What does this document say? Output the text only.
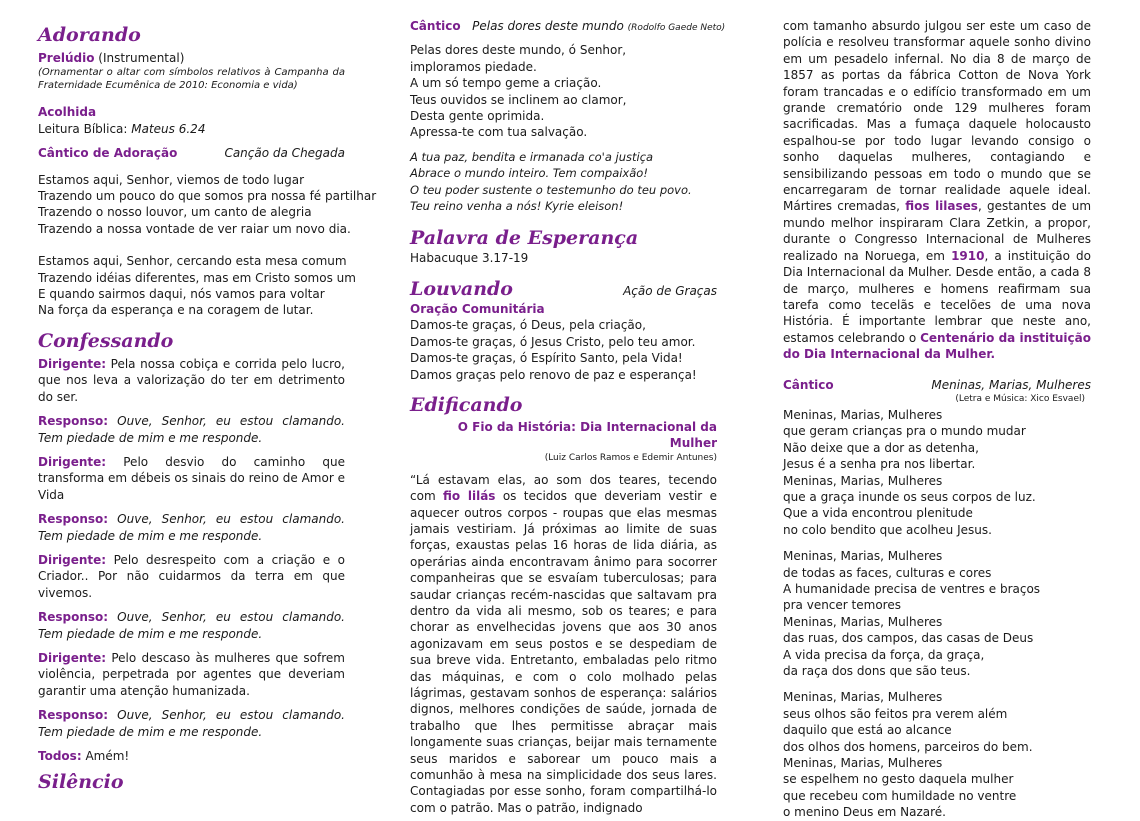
Adorando

Prelúdio (Instrumental)

(Ornamentar o altar com símbolos relativos à Campanha da Fraternidade Ecumênica de 2010: Economia e vida)

Acolhida

Leitura Bíblica: Mateus 6.24

Cântico de Adoração	Canção da Chegada

Estamos aqui, Senhor, viemos de todo lugar

Trazendo um pouco do que somos pra nossa fé partilhar

Trazendo o nosso louvor, um canto de alegria

Trazendo a nossa vontade de ver raiar um novo dia.

Estamos aqui, Senhor, cercando esta mesa comum

Trazendo idéias diferentes, mas em Cristo somos um

E quando sairmos daqui, nós vamos para voltar

Na força da esperança e na coragem de lutar.

Confessando

Dirigente: Pela nossa cobiça e corrida pelo lucro, que nos leva a valorização do ter em detrimento do ser.

Responso: Ouve, Senhor, eu estou clamando. Tem piedade de mim e me responde.

Dirigente: Pelo desvio do caminho que transforma em débeis os sinais do reino de Amor e Vida

Responso: Ouve, Senhor, eu estou clamando. Tem piedade de mim e me responde.

Dirigente: Pelo desrespeito com a criação e o Criador.. Por não cuidarmos da terra em que vivemos.

Responso: Ouve, Senhor, eu estou clamando. Tem piedade de mim e me responde.

Dirigente: Pelo descaso às mulheres que sofrem violência, perpetrada por agentes que deveriam garantir uma atenção humanizada.

Responso: Ouve, Senhor, eu estou clamando. Tem piedade de mim e me responde.

Todos: Amém!

Silêncio

Cântico Pelas dores deste mundo (Rodolfo Gaede Neto)

Pelas dores deste mundo, ó Senhor,

imploramos piedade.

A um só tempo geme a criação.

Teus ouvidos se inclinem ao clamor,

Desta gente oprimida.

Apressa-te com tua salvação.

A tua paz, bendita e irmanada co'a justiça

Abrace o mundo inteiro. Tem compaixão!

O teu poder sustente o testemunho do teu povo.

Teu reino venha a nós! Kyrie eleison!

Palavra de Esperança

Habacuque 3.17-19

Louvando	Ação de Graças

Oração Comunitária

Damos-te graças, ó Deus, pela criação,

Damos-te graças, ó Jesus Cristo, pelo teu amor.

Damos-te graças, ó Espírito Santo, pela Vida!

Damos graças pelo renovo de paz e esperança!

Edificando

O Fio da História: Dia Internacional da Mulher

(Luiz Carlos Ramos e Edemir Antunes)

“Lá estavam elas, ao som dos teares, tecendo com fio lilás os tecidos que deveriam vestir e aquecer outros corpos - roupas que elas mesmas jamais vestiriam. Já próximas ao limite de suas forças, exaustas pelas 16 horas de lida diária, as operárias ainda encontravam ânimo para socorrer companheiras que se esvaíam tuberculosas; para saudar crianças recém-nascidas que saltavam pra dentro da vida ali mesmo, sob os teares; e para chorar as envelhecidas jovens que aos 30 anos agonizavam em seus postos e se despediam de sua breve vida. Entretanto, embaladas pelo ritmo das máquinas, e com o colo molhado pelas lágrimas, gestavam sonhos de esperança: salários dignos, melhores condições de saúde, jornada de trabalho que lhes permitisse abraçar mais longamente suas crianças, beijar mais ternamente seus maridos e saborear um pouco mais a comunhão à mesa na simplicidade dos seus lares. Contagiadas por esse sonho, foram compartilhá-lo com o patrão. Mas o patrão, indignado

com tamanho absurdo julgou ser este um caso de polícia e resolveu transformar aquele sonho divino em um pesadelo infernal. No dia 8 de março de 1857 as portas da fábrica Cotton de Nova York foram trancadas e o edifício transformado em um grande crematório onde 129 mulheres foram sacrificadas. Mas a fumaça daquele holocausto espalhou-se por todo lugar levando consigo o sonho daquelas mulheres, contagiando e sensibilizando pessoas em todo o mundo que se encarregaram de tornar realidade aquele ideal. Mártires cremadas, fios lilases, gestantes de um mundo melhor inspiraram Clara Zetkin, a propor, durante o Congresso Internacional de Mulheres realizado na Noruega, em 1910, a instituição do Dia Internacional da Mulher. Desde então, a cada 8 de março, mulheres e homens reafirmam sua tarefa como tecelãs e tecelões de uma nova História. É importante lembrar que neste ano, estamos celebrando o Centenário da instituição do Dia Internacional da Mulher.

Cântico	Meninas, Marias, Mulheres

(Letra e Música: Xico Esvael)

Meninas, Marias, Mulheres

que geram crianças pra o mundo mudar

Não deixe que a dor as detenha,

Jesus é a senha pra nos libertar.

Meninas, Marias, Mulheres

que a graça inunde os seus corpos de luz.

Que a vida encontrou plenitude

no colo bendito que acolheu Jesus.

Meninas, Marias, Mulheres

de todas as faces, culturas e cores

A humanidade precisa de ventres e braços

pra vencer temores

Meninas, Marias, Mulheres

das ruas, dos campos, das casas de Deus

A vida precisa da força, da graça,

da raça dos dons que são teus.

Meninas, Marias, Mulheres

seus olhos são feitos pra verem além

daquilo que está ao alcance

dos olhos dos homens, parceiros do bem.

Meninas, Marias, Mulheres

se espelhem no gesto daquela mulher

que recebeu com humildade no ventre

o menino Deus em Nazaré.
